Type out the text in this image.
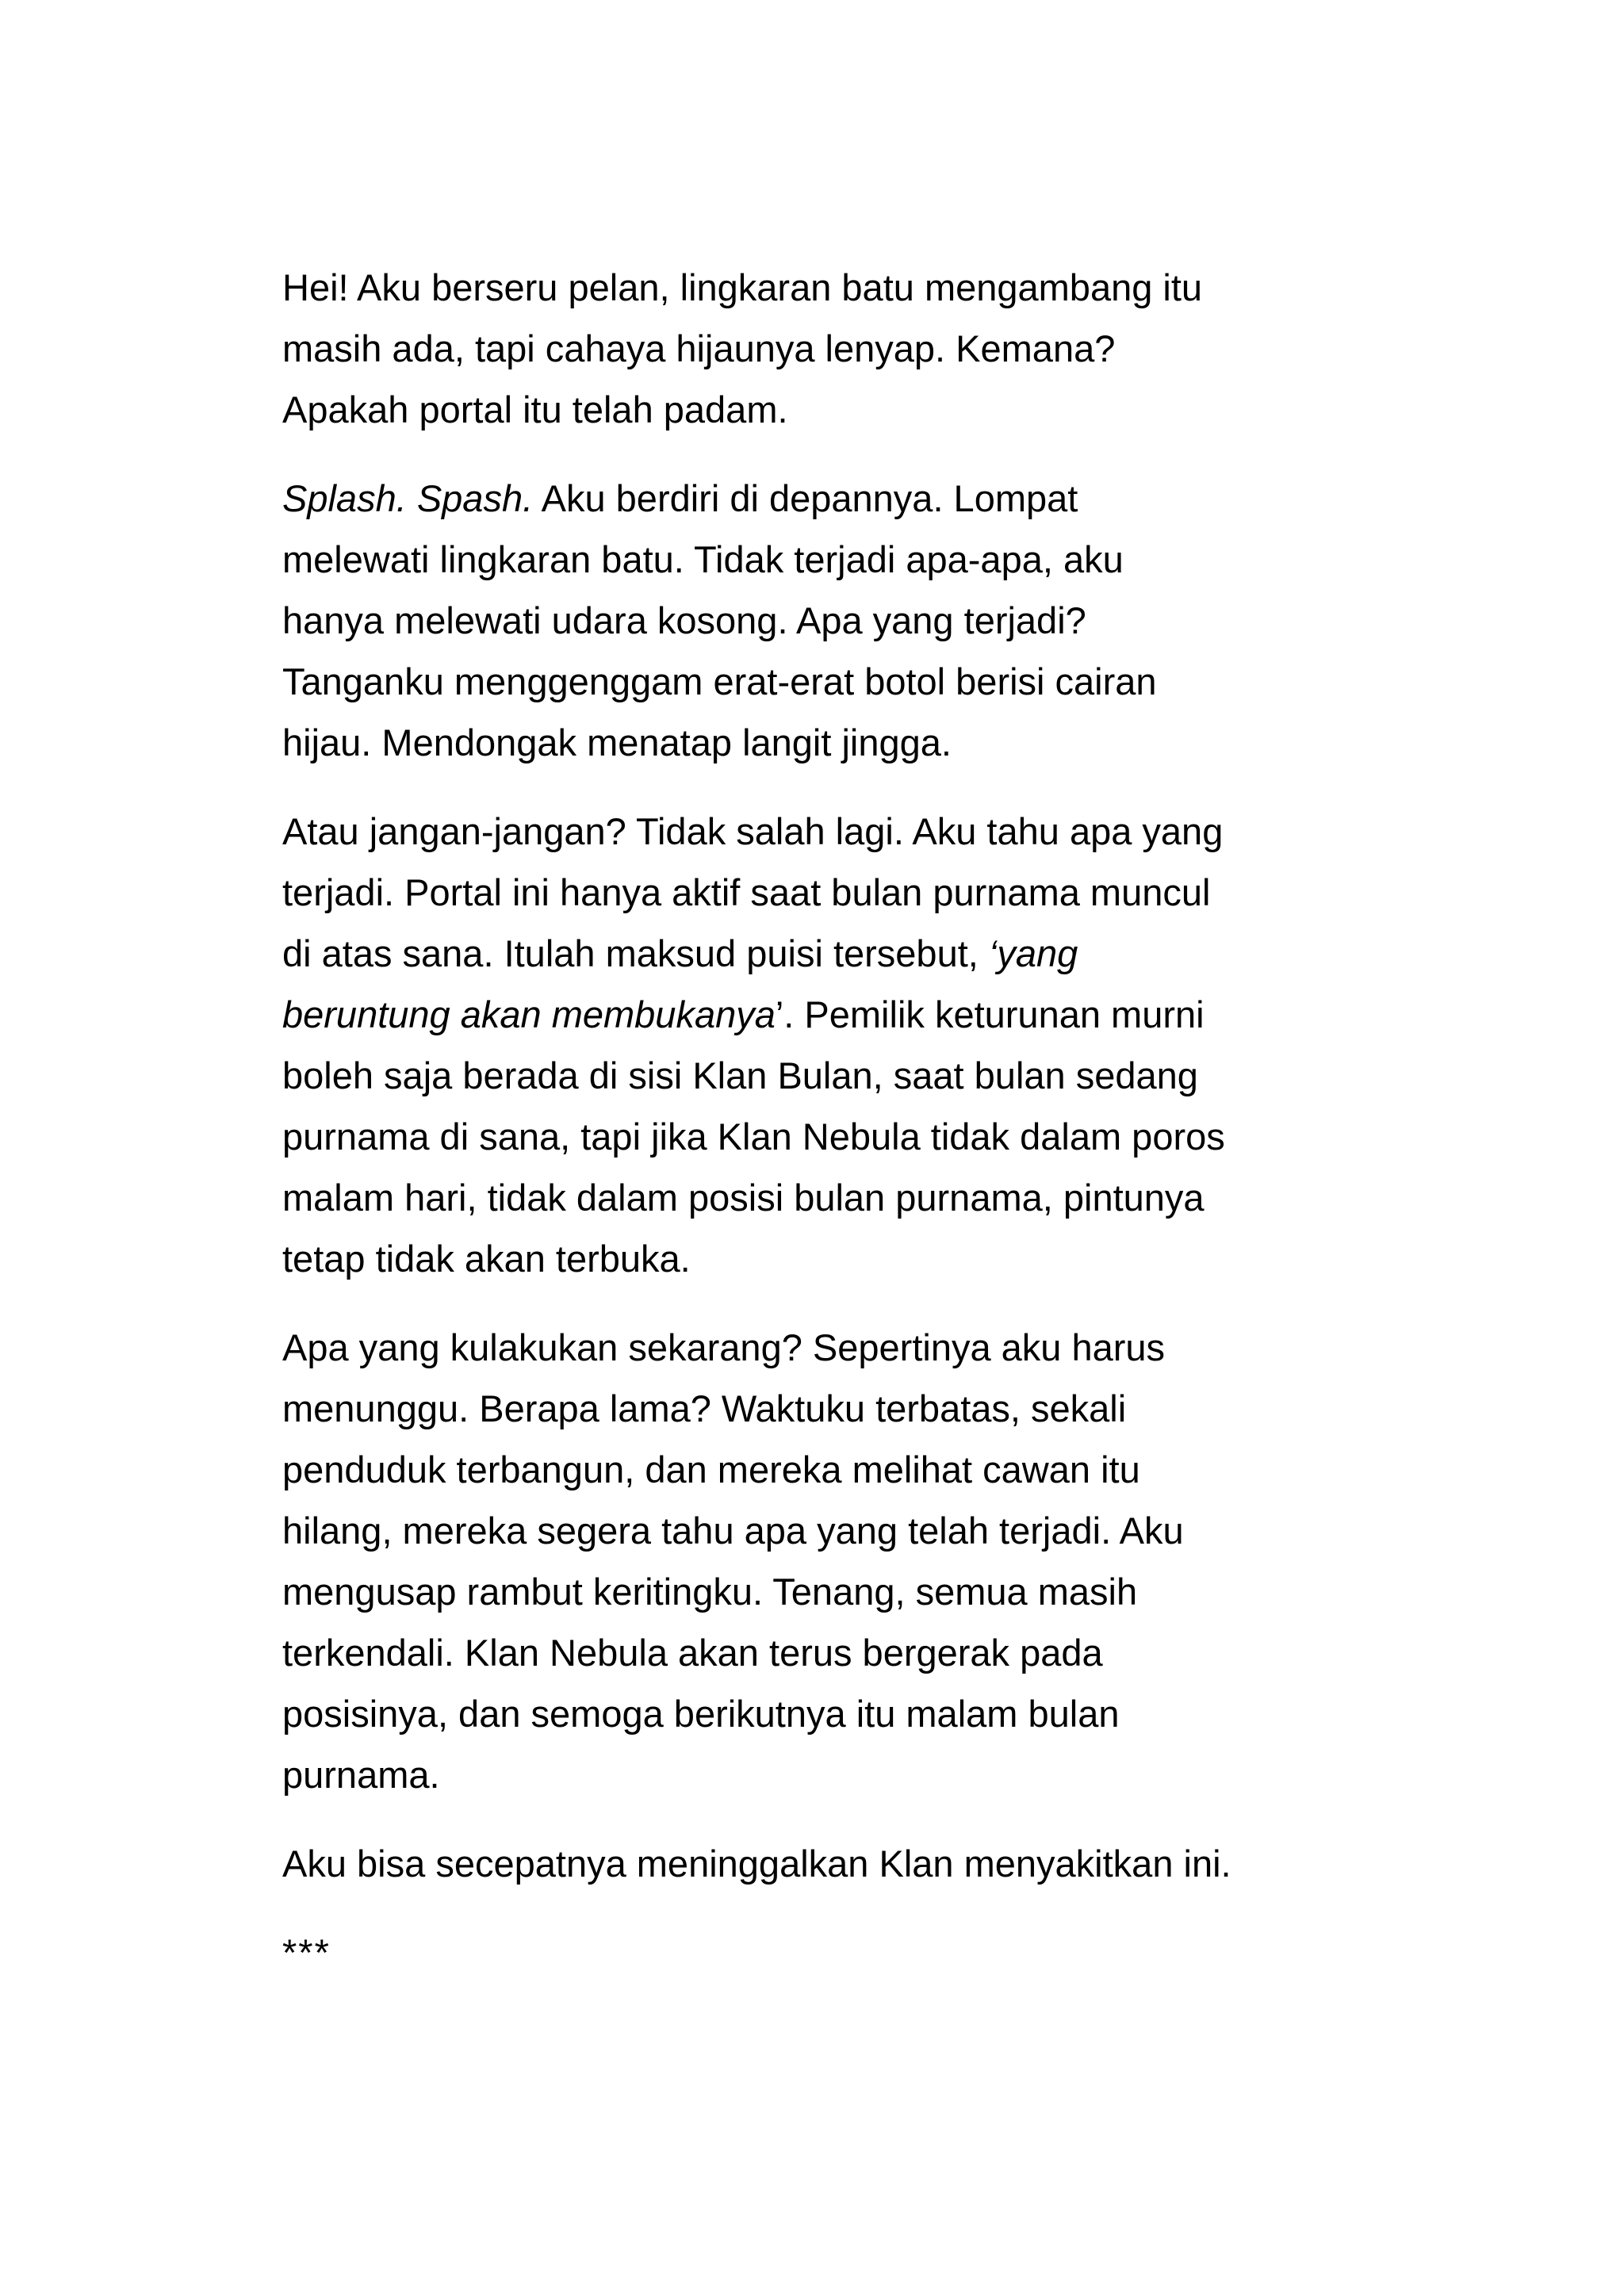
Hei! Aku berseru pelan, lingkaran batu mengambang itu
masih ada, tapi cahaya hijaunya lenyap. Kemana?
Apakah portal itu telah padam.
Splash. Spash. Aku berdiri di depannya. Lompat
melewati lingkaran batu. Tidak terjadi apa-apa, aku
hanya melewati udara kosong. Apa yang terjadi?
Tanganku menggenggam erat-erat botol berisi cairan
hijau. Mendongak menatap langit jingga.
Atau jangan-jangan? Tidak salah lagi. Aku tahu apa yang
terjadi. Portal ini hanya aktif saat bulan purnama muncul
di atas sana. Itulah maksud puisi tersebut, ‘yang
beruntung akan membukanya’. Pemilik keturunan murni
boleh saja berada di sisi Klan Bulan, saat bulan sedang
purnama di sana, tapi jika Klan Nebula tidak dalam poros
malam hari, tidak dalam posisi bulan purnama, pintunya
tetap tidak akan terbuka.
Apa yang kulakukan sekarang? Sepertinya aku harus
menunggu. Berapa lama? Waktuku terbatas, sekali
penduduk terbangun, dan mereka melihat cawan itu
hilang, mereka segera tahu apa yang telah terjadi. Aku
mengusap rambut keritingku. Tenang, semua masih
terkendali. Klan Nebula akan terus bergerak pada
posisinya, dan semoga berikutnya itu malam bulan
purnama.
Aku bisa secepatnya meninggalkan Klan menyakitkan ini.
***
